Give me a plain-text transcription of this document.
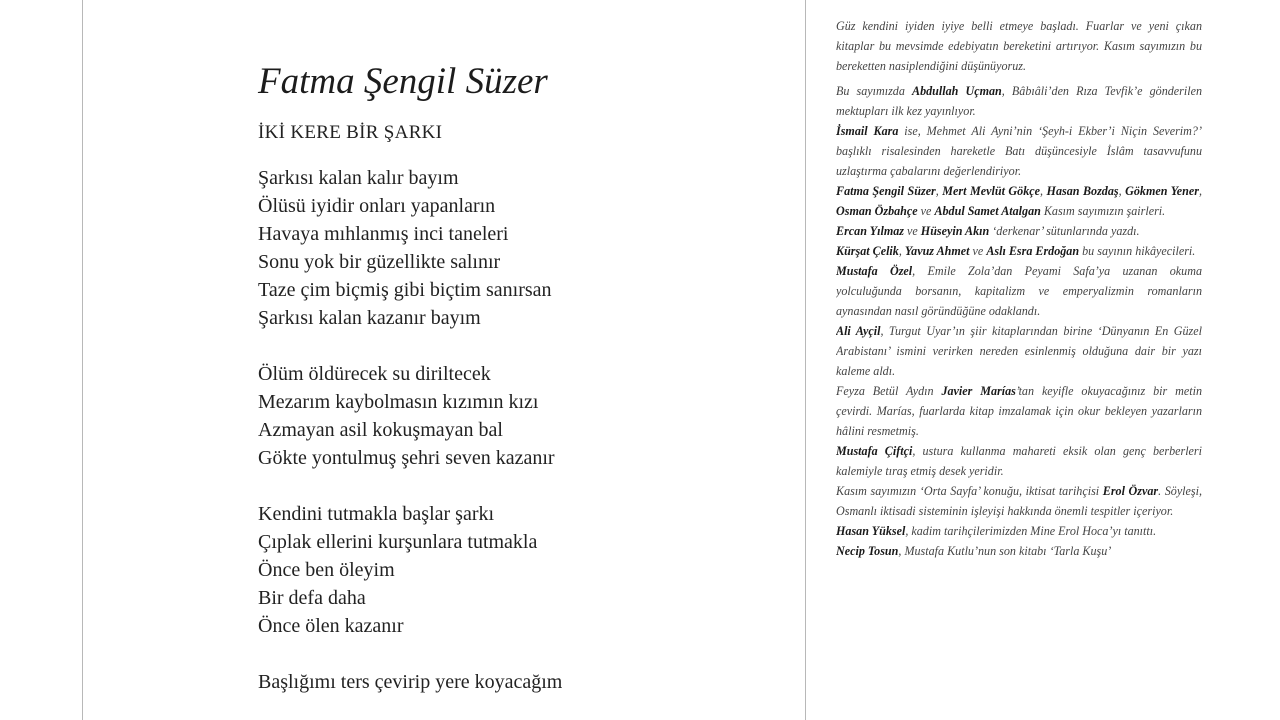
Fatma Şengil Süzer
İKİ KERE BİR ŞARKI
Şarkısı kalan kalır bayım
Ölüsü iyidir onları yapanların
Havaya mıhlanmış inci taneleri
Sonu yok bir güzellikte salınır
Taze çim biçmiş gibi biçtim sanırsan
Şarkısı kalan kazanır bayım
Ölüm öldürecek su diriltecek
Mezarım kaybolmasın kızımın kızı
Azmayan asil kokuşmayan bal
Gökte yontulmuş şehri seven kazanır
Kendini tutmakla başlar şarkı
Çıplak ellerini kurşunlara tutmakla
Önce ben öleyim
Bir defa daha
Önce ölen kazanır
Başlığımı ters çevirip yere koyacağım

Güz kendini iyiden iyiye belli etmeye başladı. Fuarlar ve yeni çıkan kitaplar bu mevsimde edebiyatın bereketini artırıyor. Kasım sayımızın bu bereketten nasiplendiğini düşünüyoruz.

Bu sayımızda Abdullah Uçman, Bâbıâli’den Rıza Tevfik’e gönderilen mektupları ilk kez yayınlıyor.

İsmail Kara ise, Mehmet Ali Ayni’nin ‘Şeyh-i Ekber’i Niçin Severim?’ başlıklı risalesinden hareketle Batı düşüncesiyle İslâm tasavvufunu uzlaştırma çabalarını değerlendiriyor.

Fatma Şengil Süzer, Mert Mevlüt Gökçe, Hasan Bozdaş, Gökmen Yener, Osman Özbahçe ve Abdul Samet Atalgan Kasım sayımızın şairleri.

Ercan Yılmaz ve Hüseyin Akın ‘derkenar’ sütunlarında yazdı.

Kürşat Çelik, Yavuz Ahmet ve Aslı Esra Erdoğan bu sayının hikâyecileri.

Mustafa Özel, Emile Zola’dan Peyami Safa’ya uzanan okuma yolculuğunda borsanın, kapitalizm ve emperyalizmin romanların aynasından nasıl göründüğüne odaklandı.

Ali Ayçil, Turgut Uyar’ın şiir kitaplarından birine ‘Dünyanın En Güzel Arabistanı’ ismini verirken nereden esinlenmiş olduğuna dair bir yazı kaleme aldı.

Feyza Betül Aydın Javier Marías’tan keyifle okuyacağınız bir metin çevirdi. Marías, fuarlarda kitap imzalamak için okur bekleyen yazarların hâlini resmetmiş.

Mustafa Çiftçi, ustura kullanma mahareti eksik olan genç berberleri kalemiyle tıraş etmiş desek yeridir.

Kasım sayımızın ‘Orta Sayfa’ konuğu, iktisat tarihçisi Erol Özvar. Söyleşi, Osmanlı iktisadi sisteminin işleyişi hakkında önemli tespitler içeriyor.

Hasan Yüksel, kadim tarihçilerimizden Mine Erol Hoca’yı tanıttı.

Necip Tosun, Mustafa Kutlu’nun son kitabı ‘Tarla Kuşu’
